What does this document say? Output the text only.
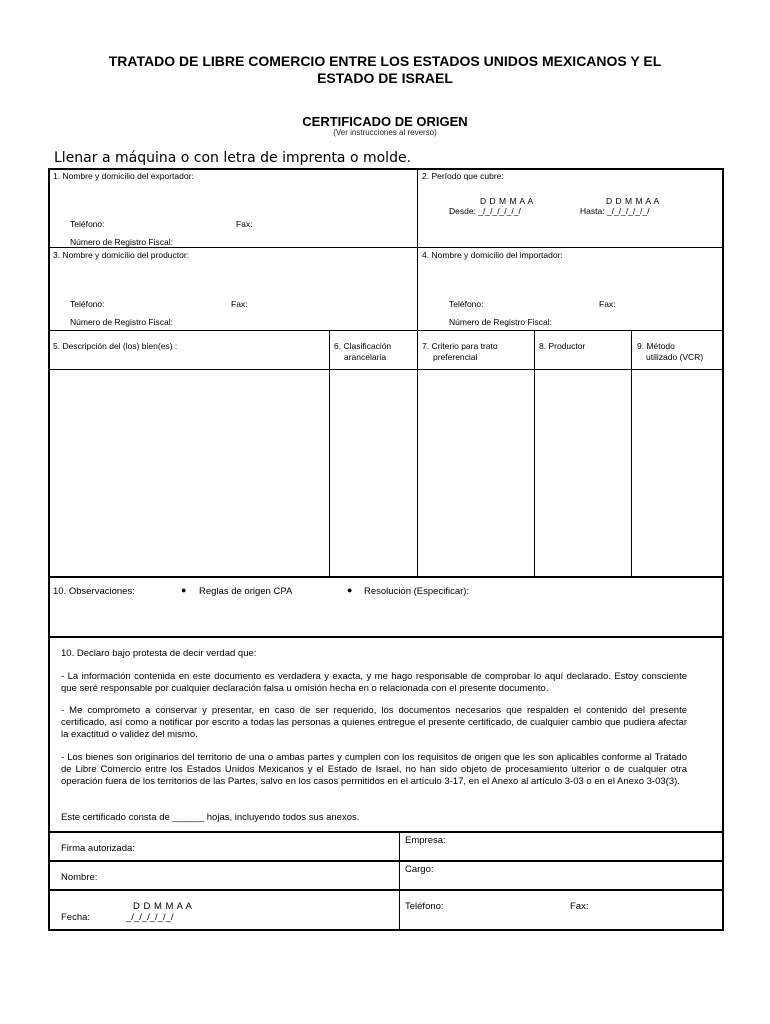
TRATADO DE LIBRE COMERCIO ENTRE LOS ESTADOS UNIDOS MEXICANOS Y EL
ESTADO DE ISRAEL
CERTIFICADO DE ORIGEN
(Ver instrucciones al reverso)
Llenar a máquina o con letra de imprenta o molde.
1. Nombre y domicilio del exportador:
Teléfono:	Fax:
Número de Registro Fiscal:
2. Período que cubre:
D D M M A A	D D M M A A
Desde: _/_/_/_/_/_/	Hasta: _/_/_/_/_/_/
3. Nombre y domicilio del productor:
Teléfono:	Fax:
Número de Registro Fiscal:
4. Nombre y domicilio del importador:
Teléfono:	Fax:
Número de Registro Fiscal:
5. Descripción del (los) bien(es) :	6. Clasificación
arancelaria
7. Criterio para trato
preferencial
8. Productor	9. Método
utilizado (VCR)
10. Observaciones:	● Reglas de origen CPA	● Resolución (Especificar):
10. Declaro bajo protesta de decir verdad que:
- La información contenida en este documento es verdadera y exacta, y me hago responsable de comprobar lo aquí declarado. Estoy consciente que seré responsable por cualquier declaración falsa u omisión hecha en o relacionada con el presente documento.
- Me comprometo a conservar y presentar, en caso de ser requerido, los documentos necesarios que respalden el contenido del presente certificado, así como a notificar por escrito a todas las personas a quienes entregue el presente certificado, de cualquier cambio que pudiera afectar la exactitud o validez del mismo.
- Los bienes son originarios del territorio de una o ambas partes y cumplen con los requisitos de origen que les son aplicables conforme al Tratado de Libre Comercio entre los Estados Unidos Mexicanos y el Estado de Israel, no han sido objeto de procesamiento ulterior o de cualquier otra operación fuera de los territorios de las Partes, salvo en los casos permitidos en el artículo 3-17, en el Anexo al artículo 3-03 o en el Anexo 3-03(3).
Este certificado consta de ______ hojas, incluyendo todos sus anexos.
Firma autorizada:
Empresa:
Nombre:
Cargo:
D D M M A A
Fecha:	_/_/_/_/_/_/
Teléfono:	Fax:
